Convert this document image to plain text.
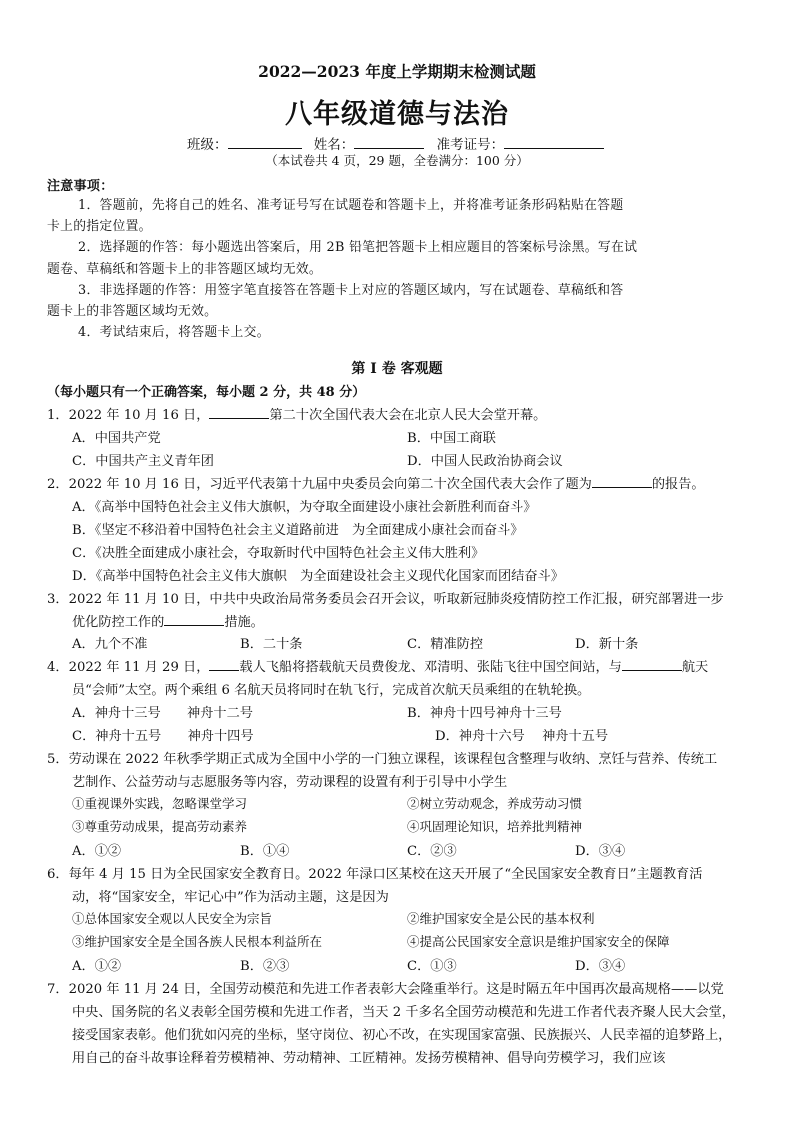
2022—2023 年度上学期期末检测试题
八年级道德与法治
班级：	姓名：	准考证号：
（本试卷共 4 页，29 题，全卷满分：100 分）
注意事项：
1．答题前，先将自己的姓名、准考证号写在试题卷和答题卡上，并将准考证条形码粘贴在答题
卡上的指定位置。
2．选择题的作答：每小题选出答案后，用 2B 铅笔把答题卡上相应题目的答案标号涂黑。写在试
题卷、草稿纸和答题卡上的非答题区域均无效。
3．非选择题的作答：用签字笔直接答在答题卡上对应的答题区域内，写在试题卷、草稿纸和答
题卡上的非答题区域均无效。
4．考试结束后，将答题卡上交。
第 Ⅰ 卷 客观题
（每小题只有一个正确答案，每小题 2 分，共 48 分）
1．2022 年 10 月 16 日，	第二十次全国代表大会在北京人民大会堂开幕。
A．中国共产党	B．中国工商联
C．中国共产主义青年团	D．中国人民政治协商会议
2．2022 年 10 月 16 日，习近平代表第十九届中央委员会向第二十次全国代表大会作了题为	的报告。
A．《高举中国特色社会主义伟大旗帜，为夺取全面建设小康社会新胜利而奋斗》
B．《坚定不移沿着中国特色社会主义道路前进　为全面建成小康社会而奋斗》
C．《决胜全面建成小康社会，夺取新时代中国特色社会主义伟大胜利》
D．《高举中国特色社会主义伟大旗帜　为全面建设社会主义现代化国家而团结奋斗》
3．2022 年 11 月 10 日，中共中央政治局常务委员会召开会议，听取新冠肺炎疫情防控工作汇报，研究部署进一步
优化防控工作的	措施。
A．九个不准	B．二十条	C．精准防控	D．新十条
4．2022 年 11 月 29 日， 载人飞船将搭载航天员费俊龙、邓清明、张陆飞往中国空间站，与	航天
员“会师”太空。两个乘组 6 名航天员将同时在轨飞行，完成首次航天员乘组的在轨轮换。
A．神舟十三号　　神舟十二号	B．神舟十四号神舟十三号
C．神舟十五号　　神舟十四号	D．神舟十六号　 神舟十五号
5．劳动课在 2022 年秋季学期正式成为全国中小学的一门独立课程，该课程包含整理与收纳、烹饪与营养、传统工
艺制作、公益劳动与志愿服务等内容，劳动课程的设置有利于引导中小学生
①重视课外实践，忽略课堂学习	②树立劳动观念，养成劳动习惯
③尊重劳动成果，提高劳动素养	④巩固理论知识，培养批判精神
A．①②	B．①④	C．②③	D．③④
6．每年 4 月 15 日为全民国家安全教育日。2022 年渌口区某校在这天开展了“全民国家安全教育日”主题教育活
动，将“国家安全，牢记心中”作为活动主题，这是因为
①总体国家安全观以人民安全为宗旨	②维护国家安全是公民的基本权利
③维护国家安全是全国各族人民根本利益所在	④提高公民国家安全意识是维护国家安全的保障
A．①②	B．②③	C．①③	D．③④
7．2020 年 11 月 24 日，全国劳动模范和先进工作者表彰大会隆重举行。这是时隔五年中国再次最高规格——以党
中央、国务院的名义表彰全国劳模和先进工作者，当天 2 千多名全国劳动模范和先进工作者代表齐聚人民大会堂，
接受国家表彰。他们犹如闪亮的坐标，坚守岗位、初心不改，在实现国家富强、民族振兴、人民幸福的追梦路上，
用自己的奋斗故事诠释着劳模精神、劳动精神、工匠精神。发扬劳模精神、倡导向劳模学习，我们应该
